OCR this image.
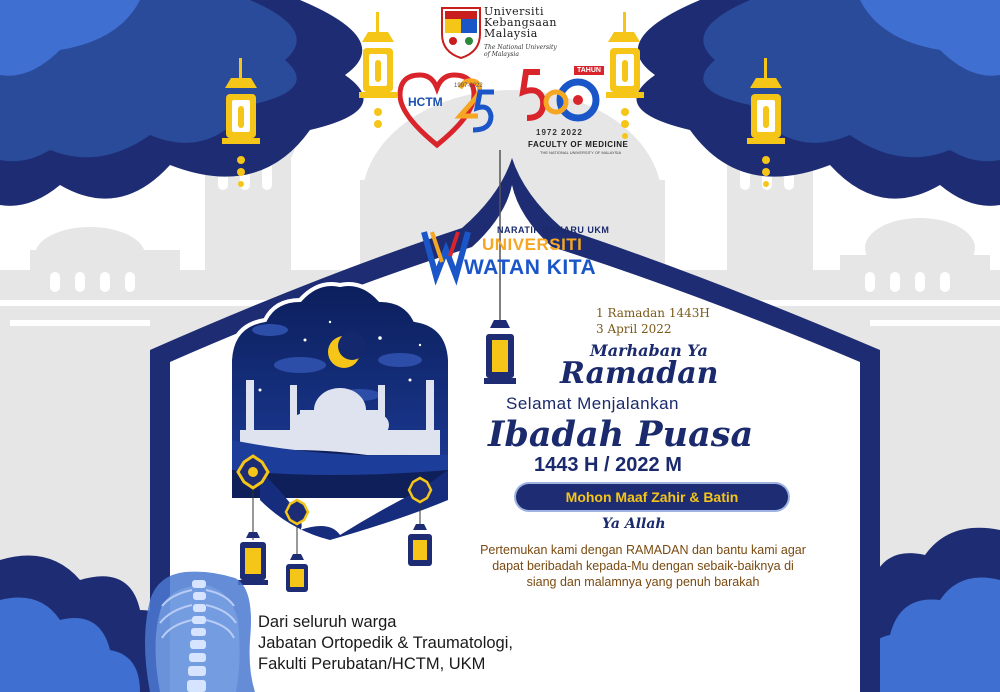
Universiti
Kebangsaan
Malaysia
The National University of Malaysia
HCTM
1997-2022
TAHUN
1972 2022
FACULTY OF MEDICINE
THE NATIONAL UNIVERSITY OF MALAYSIA
NARATIF BAHARU UKM
UNIVERSITI
WATAN KITA
1 Ramadan 1443H
3 April 2022
Marhaban Ya
Ramadan
Selamat Menjalankan
Ibadah Puasa
1443 H / 2022 M
Mohon Maaf Zahir & Batin
Ya Allah
Pertemukan kami dengan RAMADAN dan bantu kami agar dapat beribadah kepada-Mu dengan sebaik-baiknya di siang dan malamnya yang penuh barakah
Dari seluruh warga
Jabatan Ortopedik & Traumatologi,
Fakulti Perubatan/HCTM, UKM
